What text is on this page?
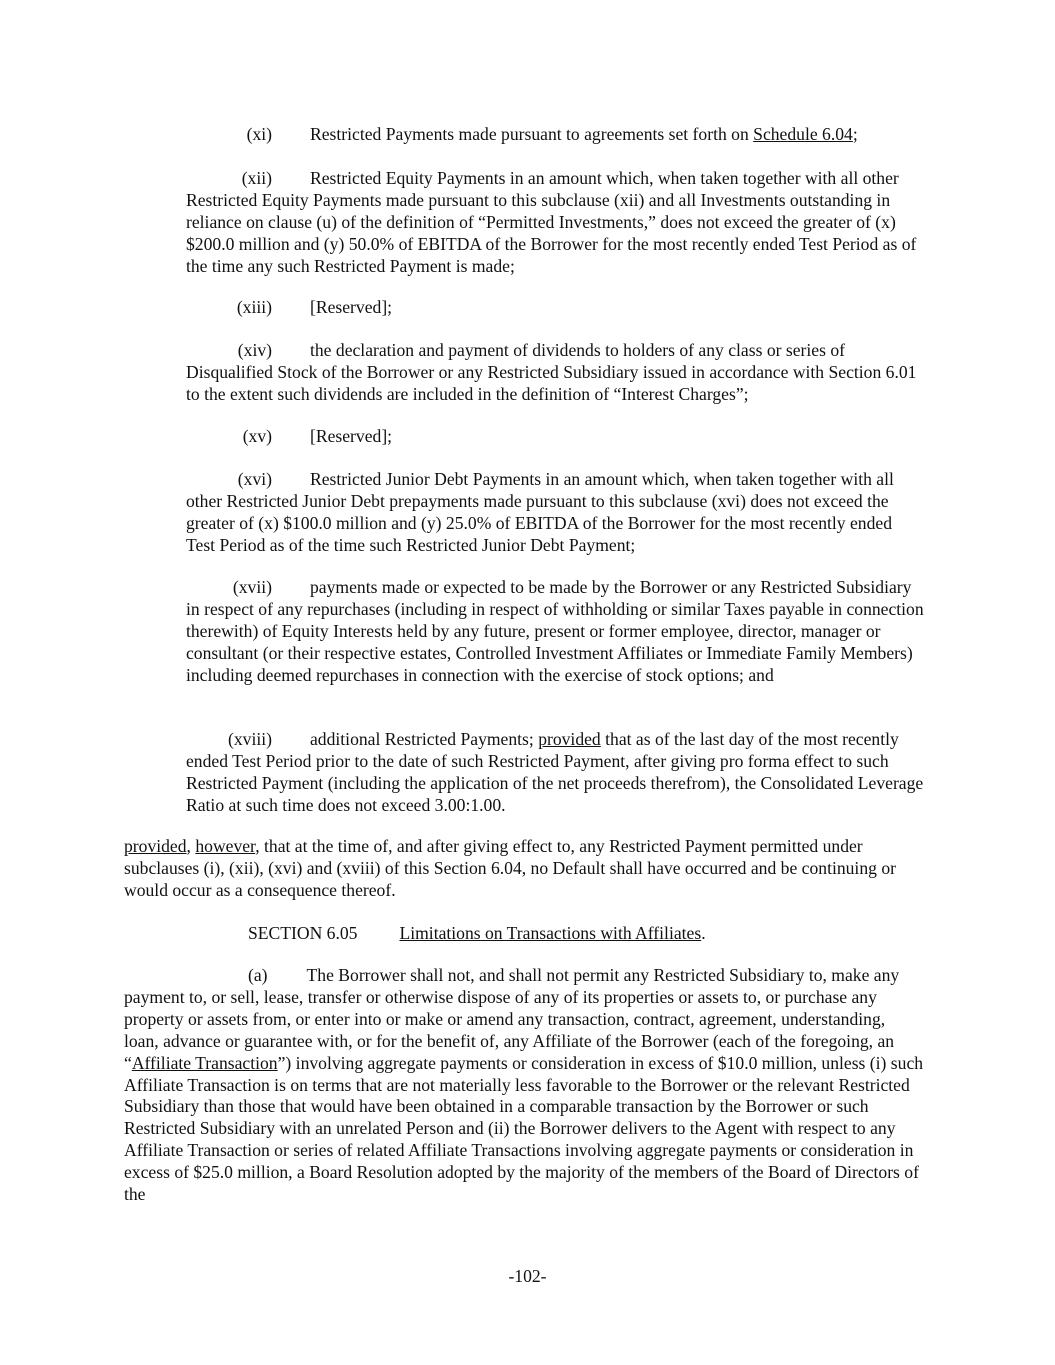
(xi) Restricted Payments made pursuant to agreements set forth on Schedule 6.04;

(xii) Restricted Equity Payments in an amount which, when taken together with all other Restricted Equity Payments made pursuant to this subclause (xii) and all Investments outstanding in reliance on clause (u) of the definition of “Permitted Investments,” does not exceed the greater of (x) $200.0 million and (y) 50.0% of EBITDA of the Borrower for the most recently ended Test Period as of the time any such Restricted Payment is made;

(xiii) [Reserved];

(xiv) the declaration and payment of dividends to holders of any class or series of Disqualified Stock of the Borrower or any Restricted Subsidiary issued in accordance with Section 6.01 to the extent such dividends are included in the definition of “Interest Charges”;

(xv) [Reserved];

(xvi) Restricted Junior Debt Payments in an amount which, when taken together with all other Restricted Junior Debt prepayments made pursuant to this subclause (xvi) does not exceed the greater of (x) $100.0 million and (y) 25.0% of EBITDA of the Borrower for the most recently ended Test Period as of the time such Restricted Junior Debt Payment;

(xvii) payments made or expected to be made by the Borrower or any Restricted Subsidiary in respect of any repurchases (including in respect of withholding or similar Taxes payable in connection therewith) of Equity Interests held by any future, present or former employee, director, manager or consultant (or their respective estates, Controlled Investment Affiliates or Immediate Family Members) including deemed repurchases in connection with the exercise of stock options; and

(xviii) additional Restricted Payments; provided that as of the last day of the most recently ended Test Period prior to the date of such Restricted Payment, after giving pro forma effect to such Restricted Payment (including the application of the net proceeds therefrom), the Consolidated Leverage Ratio at such time does not exceed 3.00:1.00.

provided, however, that at the time of, and after giving effect to, any Restricted Payment permitted under subclauses (i), (xii), (xvi) and (xviii) of this Section 6.04, no Default shall have occurred and be continuing or would occur as a consequence thereof.

SECTION 6.05 Limitations on Transactions with Affiliates.

(a) The Borrower shall not, and shall not permit any Restricted Subsidiary to, make any payment to, or sell, lease, transfer or otherwise dispose of any of its properties or assets to, or purchase any property or assets from, or enter into or make or amend any transaction, contract, agreement, understanding, loan, advance or guarantee with, or for the benefit of, any Affiliate of the Borrower (each of the foregoing, an “Affiliate Transaction”) involving aggregate payments or consideration in excess of $10.0 million, unless (i) such Affiliate Transaction is on terms that are not materially less favorable to the Borrower or the relevant Restricted Subsidiary than those that would have been obtained in a comparable transaction by the Borrower or such Restricted Subsidiary with an unrelated Person and (ii) the Borrower delivers to the Agent with respect to any Affiliate Transaction or series of related Affiliate Transactions involving aggregate payments or consideration in excess of $25.0 million, a Board Resolution adopted by the majority of the members of the Board of Directors of the

-102-
